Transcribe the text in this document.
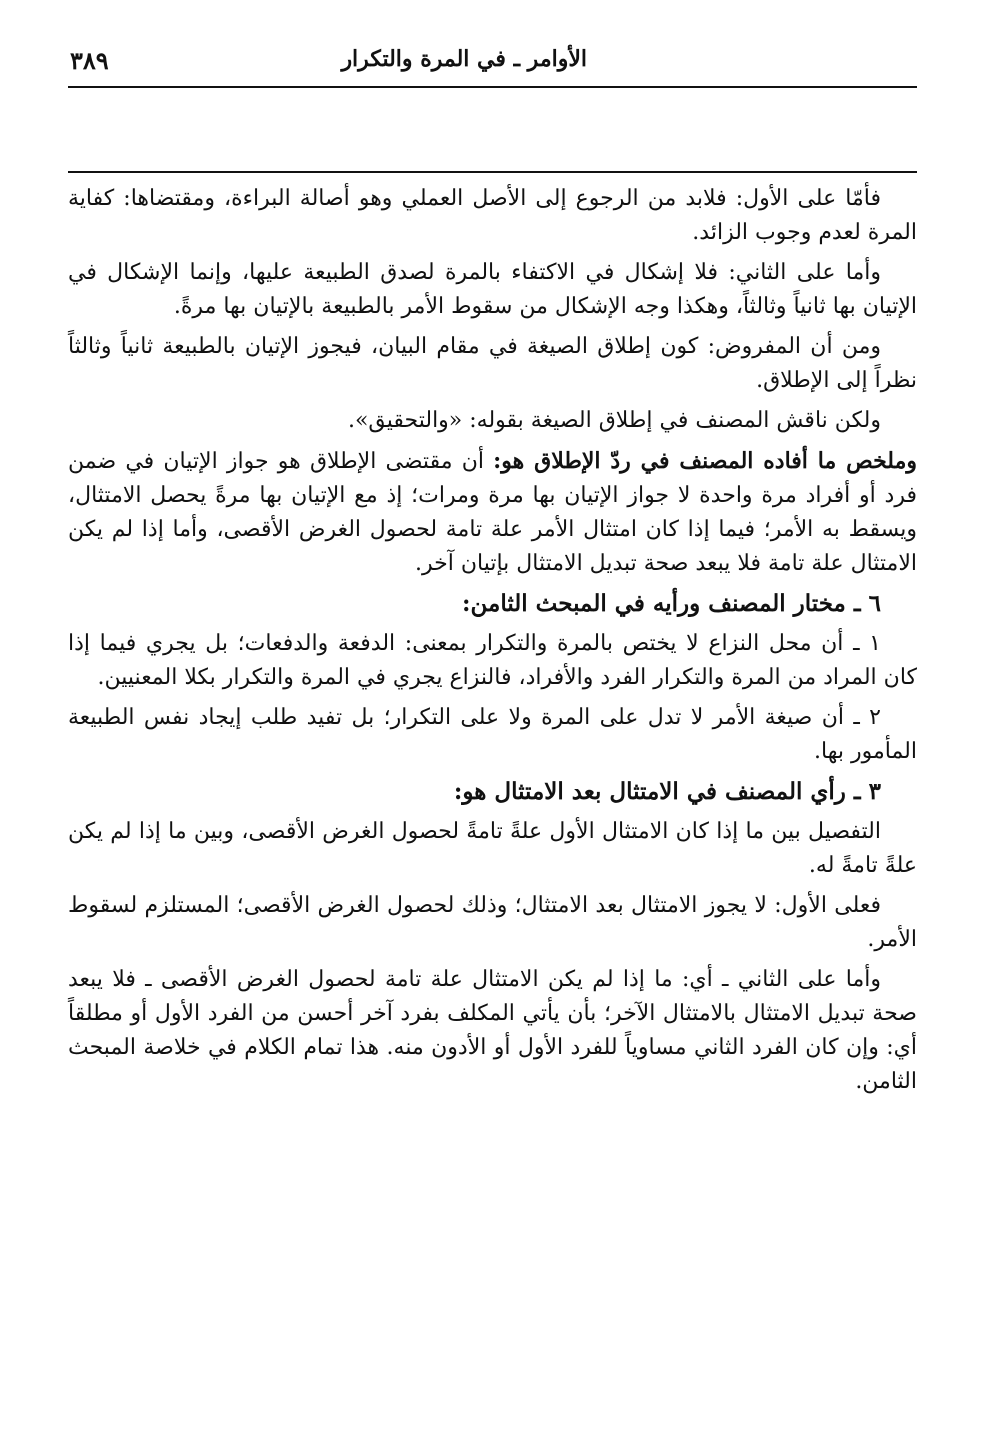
الأوامر ـ في المرة والتكرار
٣٨٩

فأمّا على الأول: فلابد من الرجوع إلى الأصل العملي وهو أصالة البراءة، ومقتضاها: كفاية المرة لعدم وجوب الزائد.

وأما على الثاني: فلا إشكال في الاكتفاء بالمرة لصدق الطبيعة عليها، وإنما الإشكال في الإتيان بها ثانياً وثالثاً، وهكذا وجه الإشكال من سقوط الأمر بالطبيعة بالإتيان بها مرةً.

ومن أن المفروض: كون إطلاق الصيغة في مقام البيان، فيجوز الإتيان بالطبيعة ثانياً وثالثاً نظراً إلى الإطلاق.

ولكن ناقش المصنف في إطلاق الصيغة بقوله: «والتحقيق».

وملخص ما أفاده المصنف في ردّ الإطلاق هو: أن مقتضى الإطلاق هو جواز الإتيان في ضمن فرد أو أفراد مرة واحدة لا جواز الإتيان بها مرة ومرات؛ إذ مع الإتيان بها مرةً يحصل الامتثال، ويسقط به الأمر؛ فيما إذا كان امتثال الأمر علة تامة لحصول الغرض الأقصى، وأما إذا لم يكن الامتثال علة تامة فلا يبعد صحة تبديل الامتثال بإتيان آخر.

٦ ـ مختار المصنف ورأيه في المبحث الثامن:

١ ـ أن محل النزاع لا يختص بالمرة والتكرار بمعنى: الدفعة والدفعات؛ بل يجري فيما إذا كان المراد من المرة والتكرار الفرد والأفراد، فالنزاع يجري في المرة والتكرار بكلا المعنيين.

٢ ـ أن صيغة الأمر لا تدل على المرة ولا على التكرار؛ بل تفيد طلب إيجاد نفس الطبيعة المأمور بها.

٣ ـ رأي المصنف في الامتثال بعد الامتثال هو:

التفصيل بين ما إذا كان الامتثال الأول علةً تامةً لحصول الغرض الأقصى، وبين ما إذا لم يكن علةً تامةً له.

فعلى الأول: لا يجوز الامتثال بعد الامتثال؛ وذلك لحصول الغرض الأقصى؛ المستلزم لسقوط الأمر.

وأما على الثاني ـ أي: ما إذا لم يكن الامتثال علة تامة لحصول الغرض الأقصى ـ فلا يبعد صحة تبديل الامتثال بالامتثال الآخر؛ بأن يأتي المكلف بفرد آخر أحسن من الفرد الأول أو مطلقاً أي: وإن كان الفرد الثاني مساوياً للفرد الأول أو الأدون منه. هذا تمام الكلام في خلاصة المبحث الثامن.
